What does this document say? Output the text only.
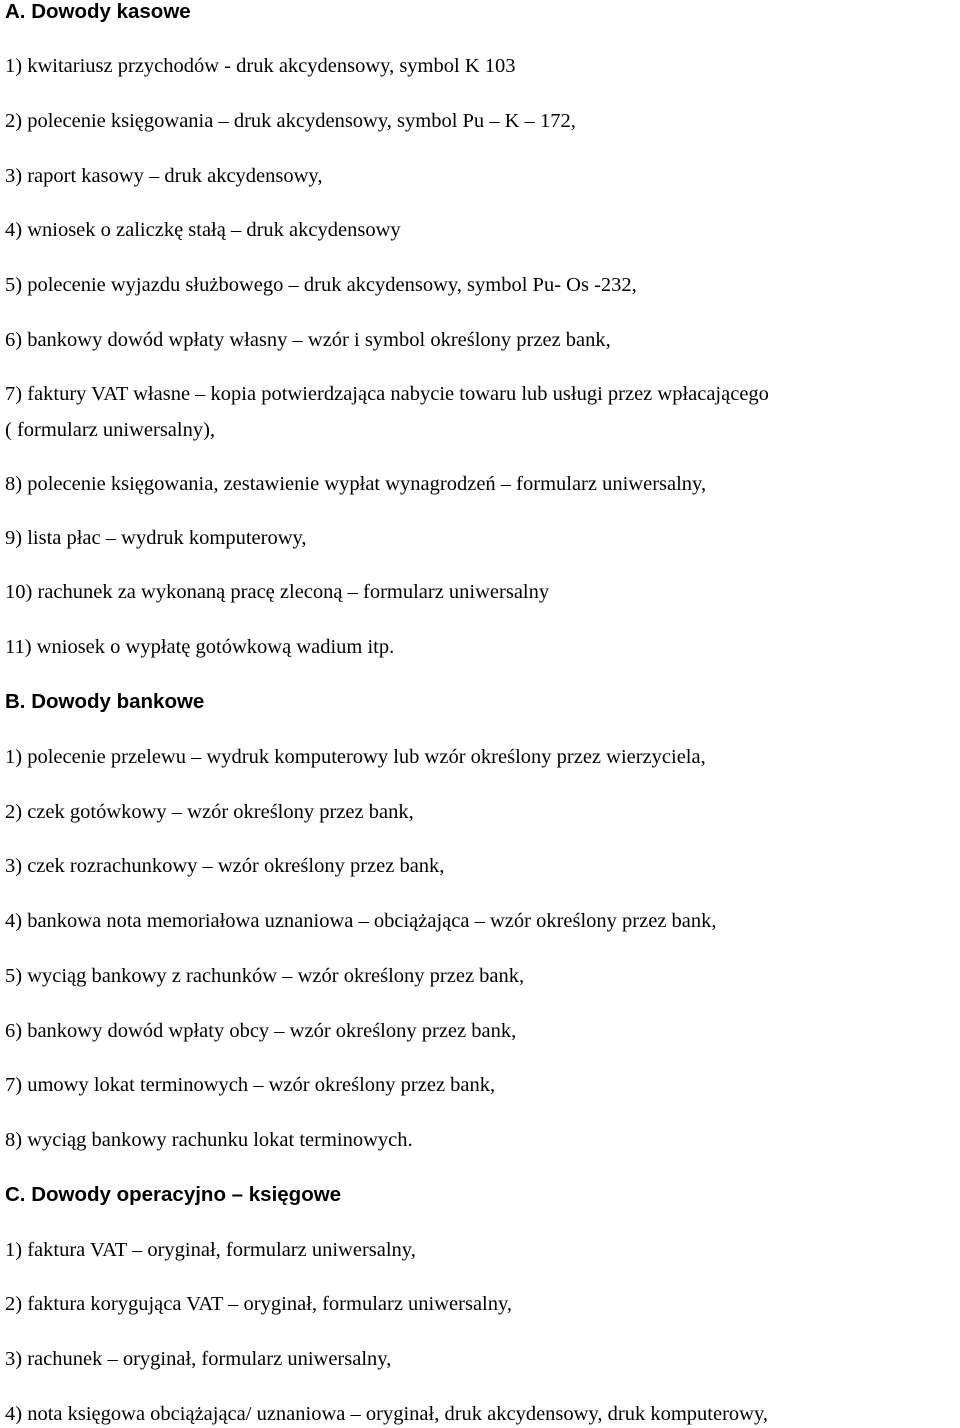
A. Dowody kasowe
1) kwitariusz przychodów - druk akcydensowy, symbol K 103
2) polecenie księgowania – druk akcydensowy, symbol Pu – K – 172,
3) raport kasowy – druk akcydensowy,
4) wniosek o zaliczkę stałą – druk akcydensowy
5) polecenie wyjazdu służbowego – druk akcydensowy, symbol Pu- Os -232,
6) bankowy dowód wpłaty własny – wzór i symbol określony przez bank,
7) faktury VAT własne – kopia potwierdzająca nabycie towaru lub usługi przez wpłacającego
( formularz uniwersalny),
8) polecenie księgowania, zestawienie wypłat wynagrodzeń – formularz uniwersalny,
9) lista płac – wydruk komputerowy,
10) rachunek za wykonaną pracę zleconą – formularz uniwersalny
11) wniosek o wypłatę gotówkową wadium itp.
B. Dowody bankowe
1) polecenie przelewu – wydruk komputerowy lub wzór określony przez wierzyciela,
2) czek gotówkowy – wzór określony przez bank,
3) czek rozrachunkowy – wzór określony przez bank,
4) bankowa nota memoriałowa uznaniowa – obciążająca – wzór określony przez bank,
5) wyciąg bankowy z rachunków – wzór określony przez bank,
6) bankowy dowód wpłaty obcy – wzór określony przez bank,
7) umowy lokat terminowych – wzór określony przez bank,
8) wyciąg bankowy rachunku lokat terminowych.
C. Dowody operacyjno – księgowe
1) faktura VAT – oryginał, formularz uniwersalny,
2) faktura korygująca VAT – oryginał, formularz uniwersalny,
3) rachunek – oryginał, formularz uniwersalny,
4) nota księgowa obciążająca/ uznaniowa – oryginał, druk akcydensowy, druk komputerowy,
